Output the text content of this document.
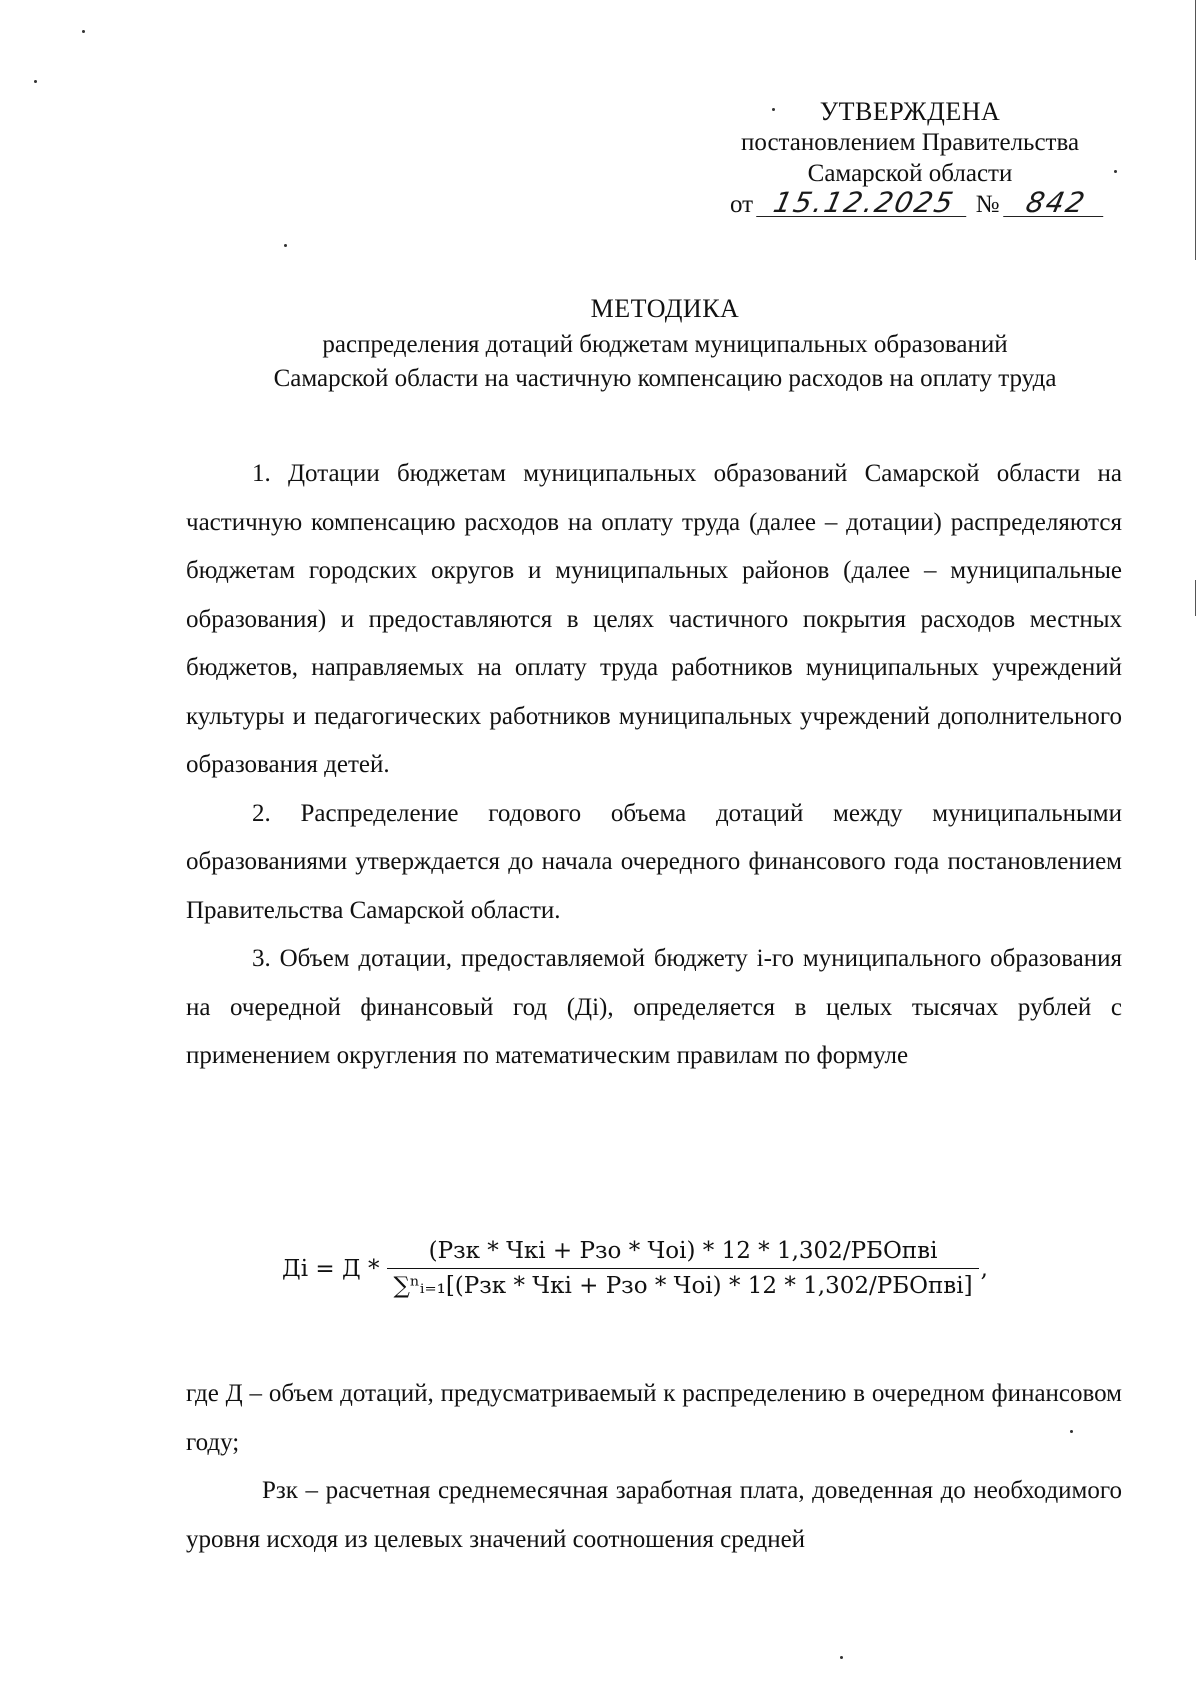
УТВЕРЖДЕНА
постановлением Правительства
Самарской области
от 15.12.2025 № 842
МЕТОДИКА
распределения дотаций бюджетам муниципальных образований
Самарской области на частичную компенсацию расходов на оплату труда

1. Дотации бюджетам муниципальных образований Самарской области на частичную компенсацию расходов на оплату труда (далее – дотации) распределяются бюджетам городских округов и муниципальных районов (далее – муниципальные образования) и предоставляются в целях частичного покрытия расходов местных бюджетов, направляемых на оплату труда работников муниципальных учреждений культуры и педагогических работников муниципальных учреждений дополнительного образования детей.

2. Распределение годового объема дотаций между муниципальными образованиями утверждается до начала очередного финансового года постановлением Правительства Самарской области.

3. Объем дотации, предоставляемой бюджету i-го муниципального образования на очередной финансовый год (Дi), определяется в целых тысячах рублей с применением округления по математическим правилам по формуле

Дi = Д * $\frac{\text{(Рзк * Чкi + Рзо * Чоi) * 12 * 1,302/РБОпвi}}{\text{∑ⁿᵢ₌₁[(Рзк * Чкi + Рзо * Чоi) * 12 * 1,302/РБОпвi]}}$ ,

где Д – объем дотаций, предусматриваемый к распределению в очередном финансовом году;

Рзк – расчетная среднемесячная заработная плата, доведенная до необходимого уровня исходя из целевых значений соотношения средней
